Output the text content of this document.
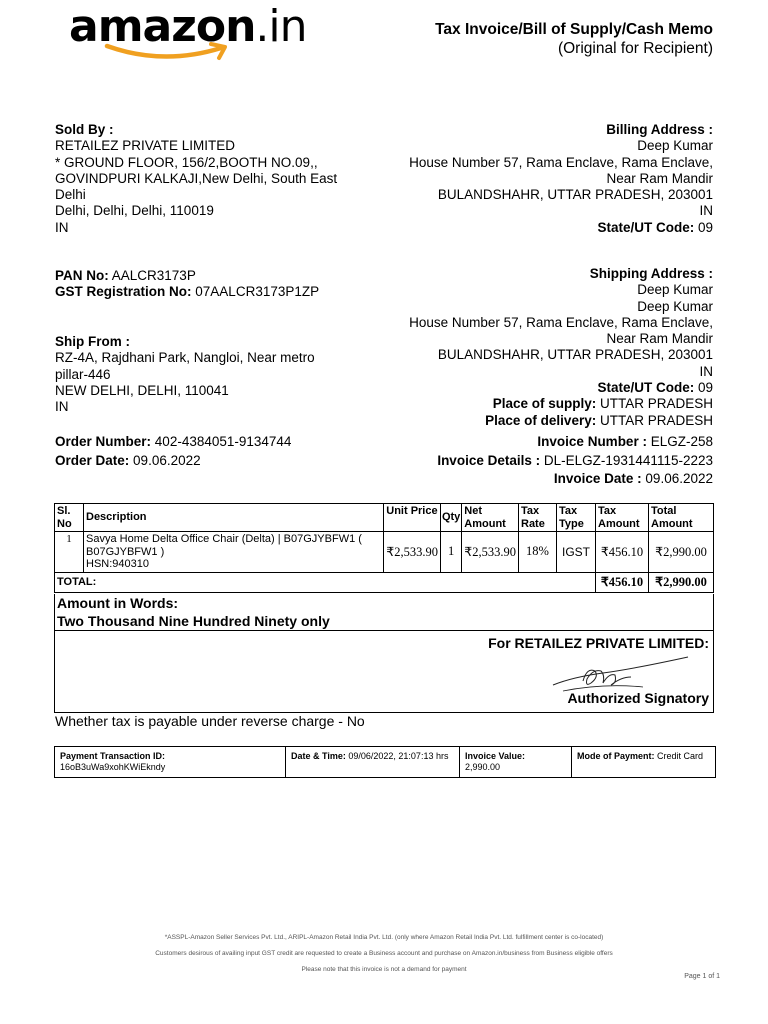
amazon.in	Tax Invoice/Bill of Supply/Cash Memo
(Original for Recipient)
Sold By :
RETAILEZ PRIVATE LIMITED
* GROUND FLOOR, 156/2,BOOTH NO.09,,
GOVINDPURI KALKAJI,New Delhi, South East
Delhi
Delhi, Delhi, Delhi, 110019
IN
Billing Address :
Deep Kumar
House Number 57, Rama Enclave, Rama Enclave,
Near Ram Mandir
BULANDSHAHR, UTTAR PRADESH, 203001
IN
State/UT Code: 09
PAN No: AALCR3173P
GST Registration No: 07AALCR3173P1ZP
Shipping Address :
Deep Kumar
Deep Kumar
House Number 57, Rama Enclave, Rama Enclave,
Near Ram Mandir
BULANDSHAHR, UTTAR PRADESH, 203001
IN
State/UT Code: 09
Place of supply: UTTAR PRADESH
Place of delivery: UTTAR PRADESH
Ship From :
RZ-4A, Rajdhani Park, Nangloi, Near metro
pillar-446
NEW DELHI, DELHI, 110041
IN
Order Number: 402-4384051-9134744
Order Date: 09.06.2022
Invoice Number : ELGZ-258
Invoice Details : DL-ELGZ-1931441115-2223
Invoice Date : 09.06.2022
Sl. No	Description	Unit Price	Qty	Net Amount	Tax Rate	Tax Type	Tax Amount	Total Amount
1	Savya Home Delta Office Chair (Delta) | B07GJYBFW1 (
B07GJYBFW1 )
HSN:940310	₹2,533.90	1	₹2,533.90	18%	IGST	₹456.10	₹2,990.00
TOTAL:							₹456.10	₹2,990.00
Amount in Words:
Two Thousand Nine Hundred Ninety only
For RETAILEZ PRIVATE LIMITED:
Authorized Signatory
Whether tax is payable under reverse charge - No
Payment Transaction ID:
16oB3uWa9xohKWiEkndy
Date & Time: 09/06/2022, 21:07:13 hrs	Invoice Value:
2,990.00
Mode of Payment: Credit Card
*ASSPL-Amazon Seller Services Pvt. Ltd., ARIPL-Amazon Retail India Pvt. Ltd. (only where Amazon Retail India Pvt. Ltd. fulfillment center is co-located)
Customers desirous of availing input GST credit are requested to create a Business account and purchase on Amazon.in/business from Business eligible offers
Please note that this invoice is not a demand for payment
Page 1 of 1
